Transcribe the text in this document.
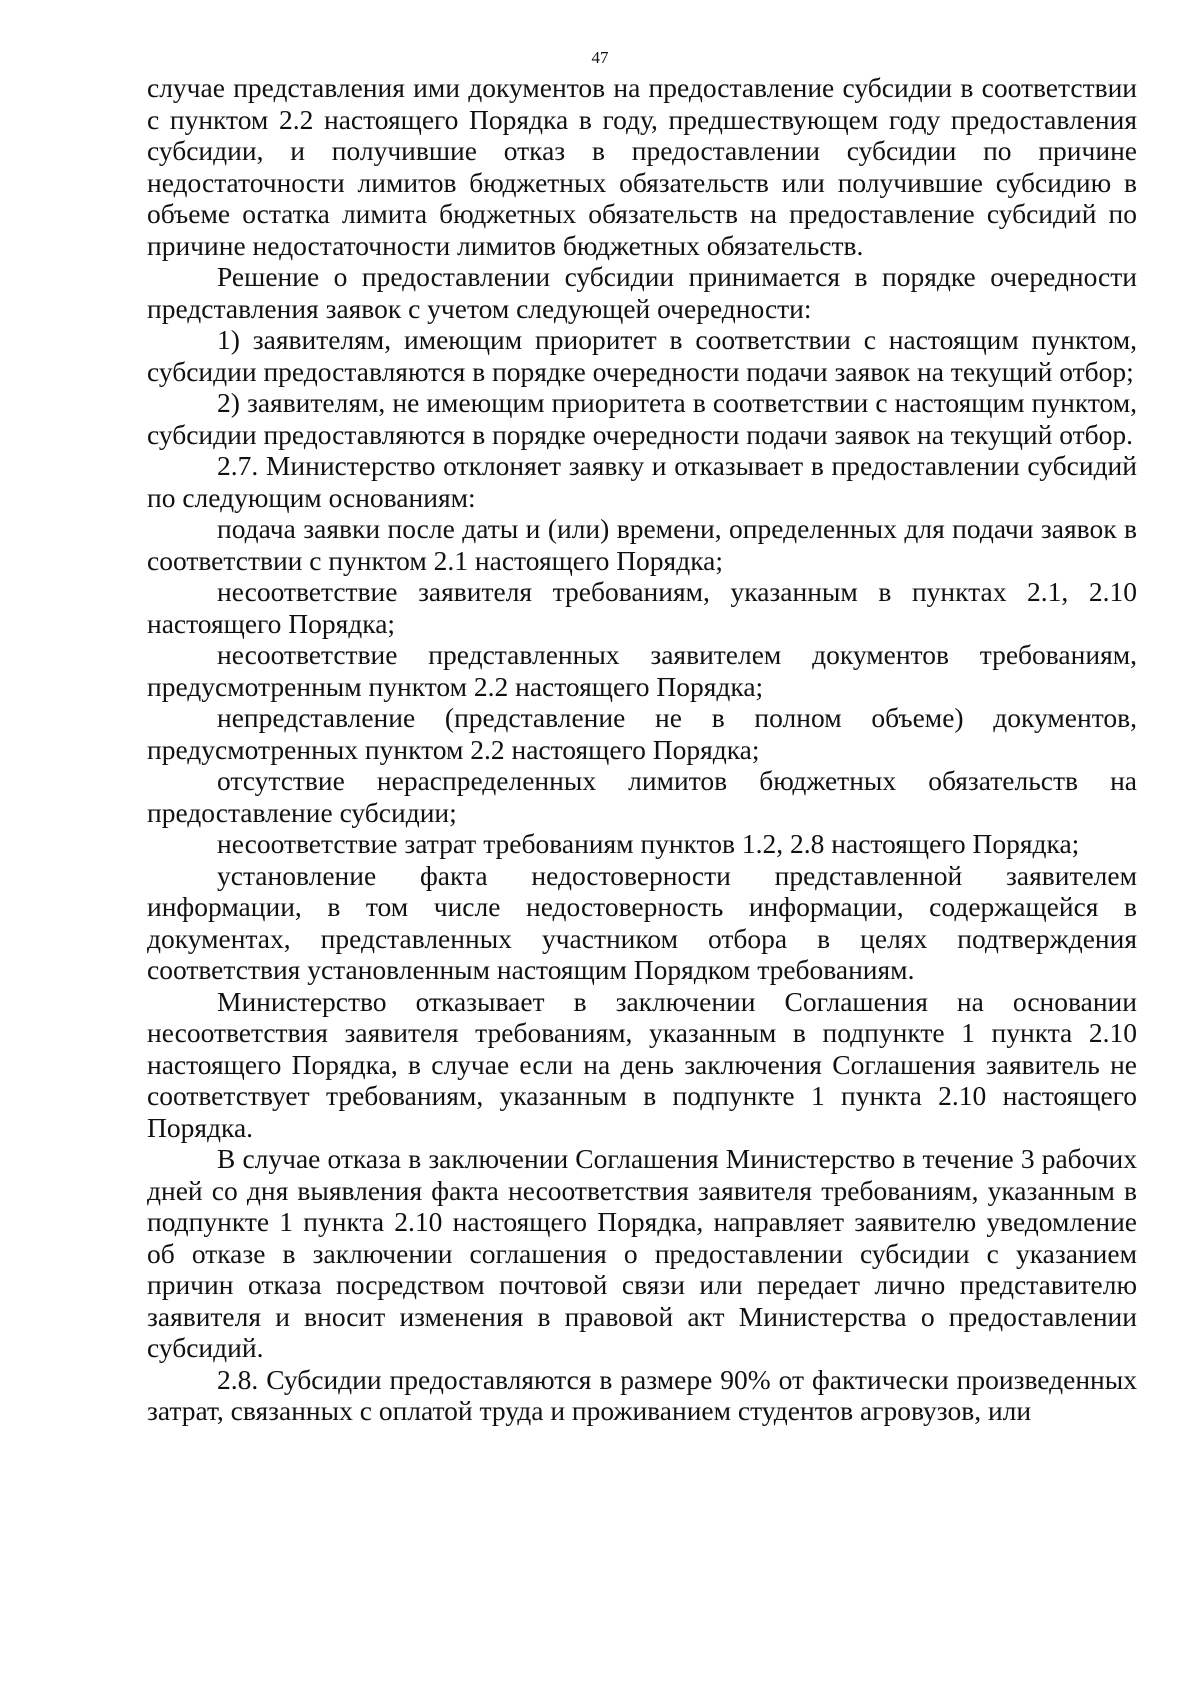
47

случае представления ими документов на предоставление субсидии в соответствии с пунктом 2.2 настоящего Порядка в году, предшествующем году предоставления субсидии, и получившие отказ в предоставлении субсидии по причине недостаточности лимитов бюджетных обязательств или получившие субсидию в объеме остатка лимита бюджетных обязательств на предоставление субсидий по причине недостаточности лимитов бюджетных обязательств.

Решение о предоставлении субсидии принимается в порядке очередности представления заявок с учетом следующей очередности:

1) заявителям, имеющим приоритет в соответствии с настоящим пунктом, субсидии предоставляются в порядке очередности подачи заявок на текущий отбор;

2) заявителям, не имеющим приоритета в соответствии с настоящим пунктом, субсидии предоставляются в порядке очередности подачи заявок на текущий отбор.

2.7. Министерство отклоняет заявку и отказывает в предоставлении субсидий по следующим основаниям:

подача заявки после даты и (или) времени, определенных для подачи заявок в соответствии с пунктом 2.1 настоящего Порядка;

несоответствие заявителя требованиям, указанным в пунктах 2.1, 2.10 настоящего Порядка;

несоответствие представленных заявителем документов требованиям, предусмотренным пунктом 2.2 настоящего Порядка;

непредставление (представление не в полном объеме) документов, предусмотренных пунктом 2.2 настоящего Порядка;

отсутствие нераспределенных лимитов бюджетных обязательств на предоставление субсидии;

несоответствие затрат требованиям пунктов 1.2, 2.8 настоящего Порядка;

установление факта недостоверности представленной заявителем информации, в том числе недостоверность информации, содержащейся в документах, представленных участником отбора в целях подтверждения соответствия установленным настоящим Порядком требованиям.

Министерство отказывает в заключении Соглашения на основании несоответствия заявителя требованиям, указанным в подпункте 1 пункта 2.10 настоящего Порядка, в случае если на день заключения Соглашения заявитель не соответствует требованиям, указанным в подпункте 1 пункта 2.10 настоящего Порядка.

В случае отказа в заключении Соглашения Министерство в течение 3 рабочих дней со дня выявления факта несоответствия заявителя требованиям, указанным в подпункте 1 пункта 2.10 настоящего Порядка, направляет заявителю уведомление об отказе в заключении соглашения о предоставлении субсидии с указанием причин отказа посредством почтовой связи или передает лично представителю заявителя и вносит изменения в правовой акт Министерства о предоставлении субсидий.

2.8. Субсидии предоставляются в размере 90% от фактически произведенных затрат, связанных с оплатой труда и проживанием студентов агровузов, или
